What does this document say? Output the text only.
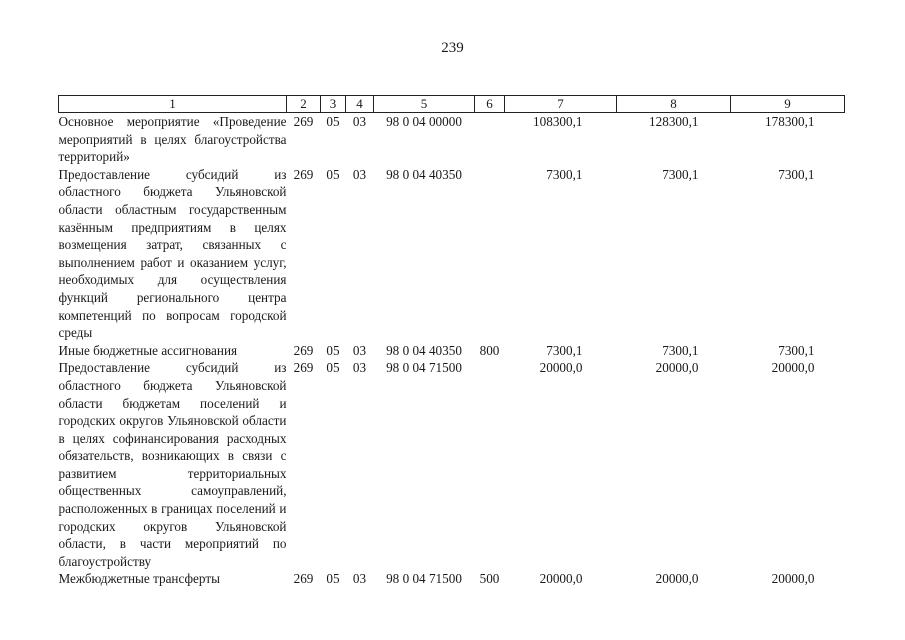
239
1	2	3	4	5	6	7	8	9
Основное мероприятие «Проведение мероприятий в целях благоустройства территорий»	269	05	03	98 0 04 00000		108300,1	128300,1	178300,1
Предоставление субсидий из областного бюджета Ульяновской области областным государственным казённым предприятиям в целях возмещения затрат, связанных с выполнением работ и оказанием услуг, необходимых для осуществления функций регионального центра компетенций по вопросам городской среды	269	05	03	98 0 04 40350		7300,1	7300,1	7300,1
Иные бюджетные ассигнования	269	05	03	98 0 04 40350	800	7300,1	7300,1	7300,1
Предоставление субсидий из областного бюджета Ульяновской области бюджетам поселений и городских округов Ульяновской области в целях софинансирования расходных обязательств, возникающих в связи с развитием территориальных общественных самоуправлений, расположенных в границах поселений и городских округов Ульяновской области, в части мероприятий по благоустройству	269	05	03	98 0 04 71500		20000,0	20000,0	20000,0
Межбюджетные трансферты	269	05	03	98 0 04 71500	500	20000,0	20000,0	20000,0
